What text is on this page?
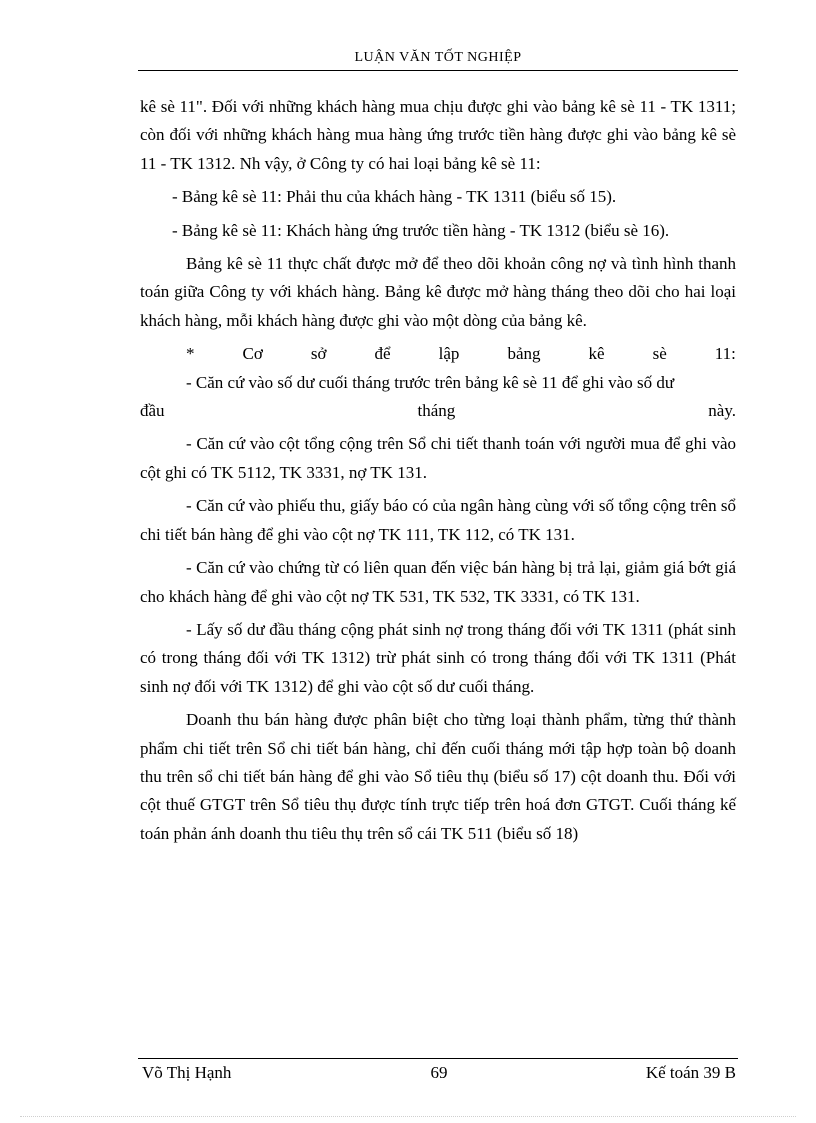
LUẬN VĂN TỐT NGHIỆP

kê sè 11". Đối với những khách hàng mua chịu được ghi vào bảng kê sè 11 - TK 1311; còn đối với những khách hàng mua hàng ứng trước tiền hàng được ghi vào bảng kê sè 11 - TK 1312. Nh vậy, ở Công ty có hai loại bảng kê sè 11:

- Bảng kê sè 11: Phải thu của khách hàng - TK 1311 (biểu số 15).

- Bảng kê sè 11: Khách hàng ứng trước tiền hàng - TK 1312 (biểu sè 16).

Bảng kê sè 11 thực chất được mở để theo dõi khoản công nợ và tình hình thanh toán giữa Công ty với khách hàng. Bảng kê được mở hàng tháng theo dõi cho hai loại khách hàng, mỗi khách hàng được ghi vào một dòng của bảng kê.

*	Cơ	sở	để	lập	bảng	kê	sè	11:

- Căn cứ vào số dư cuối tháng trước trên bảng kê sè 11 để ghi vào số dư

đầu	tháng	này.

- Căn cứ vào cột tổng cộng trên Sổ chi tiết thanh toán với người mua để ghi vào cột ghi có TK 5112, TK 3331, nợ TK 131.

- Căn cứ vào phiếu thu, giấy báo có của ngân hàng cùng với số tổng cộng trên sổ chi tiết bán hàng để ghi vào cột nợ TK 111, TK 112, có TK 131.

- Căn cứ vào chứng từ có liên quan đến việc bán hàng bị trả lại, giảm giá bớt giá cho khách hàng để ghi vào cột nợ TK 531, TK 532, TK 3331, có TK 131.

- Lấy số dư đầu tháng cộng phát sinh nợ trong tháng đối với TK 1311 (phát sinh có trong tháng đối với TK 1312) trừ phát sinh có trong tháng đối với TK 1311 (Phát sinh nợ đối với TK 1312) để ghi vào cột số dư cuối tháng.

Doanh thu bán hàng được phân biệt cho từng loại thành phẩm, từng thứ thành phẩm chi tiết trên Sổ chi tiết bán hàng, chỉ đến cuối tháng mới tập hợp toàn bộ doanh thu trên sổ chi tiết bán hàng để ghi vào Sổ tiêu thụ (biểu số 17) cột doanh thu. Đối với cột thuế GTGT trên Sổ tiêu thụ được tính trực tiếp trên hoá đơn GTGT. Cuối tháng kế toán phản ánh doanh thu tiêu thụ trên sổ cái TK 511 (biểu số 18)

Võ Thị Hạnh	69	Kế toán 39 B
